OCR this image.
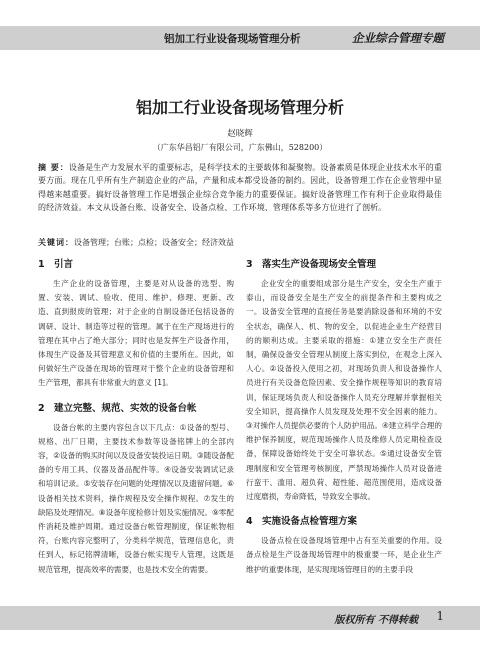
铝加工行业设备现场管理分析	企业综合管理专题
铝加工行业设备现场管理分析
赵晓辉
（广东华昌铝厂有限公司，广东佛山，528200）
摘 要：设备是生产力发展水平的重要标志，是科学技术的主要载体和凝聚物。设备素质是体现企业技术水平的重要方面。现在几乎所有生产制造企业的产品，产量和成本都受设备的制约。因此，设备管理工作在企业管理中显得越来越重要。搞好设备管理工作是增强企业综合竞争能力的重要保证。搞好设备管理工作有利于企业取得最佳的经济效益。本文从设备台账、设备安全、设备点检、工作环境、管理体系等多方位进行了剖析。
关键词：设备管理；台账；点检；设备安全；经济效益
1 引言

生产企业的设备管理，主要是对从设备的选型、购置、安装、调试、验收、使用、维护、修理、更新、改造、直到报废的管理；对于企业的自制设备还包括设备的调研、设计、制造等过程的管理。属于在生产现场进行的管理在其中占了绝大部分；同时也是发挥生产设备作用，体现生产设备及其管理意义和价值的主要所在。因此，如何做好生产设备在现场的管理对于整个企业的设备管理和生产管理，都具有非常重大的意义 [1]。

2 建立完整、规范、实效的设备台帐

设备台帐的主要内容包含以下几点：①设备的型号、规格、出厂日期，主要技术参数等设备铭牌上的全部内容，②设备的购买时间以及设备安装投运日期。③随设备配备的专用工具、仪器及备品配件等。④设备安装调试记录和培训记录。⑤安装存在问题的处理情况以及遗留问题。⑥设备相关技术资料，操作规程及安全操作规程。⑦发生的缺陷及处理情况。⑧设备年度检修计划及实施情况。⑨零配件消耗及维护周期。通过设备台帐管理制度，保证帐物相符，台账内容完整明了，分类科学规范，管理信息化，责任到人，标记铭牌清晰，设备台帐实现专人管理，这既是规范管理，提高效率的需要，也是技术安全的需要。

3 落实生产设备现场安全管理

企业安全的重要组成部分是生产安全，安全生产重于泰山，而设备安全是生产安全的前提条件和主要构成之一。设备安全管理的直接任务是要消除设备和环境的不安全状态，确保人、机、物的安全，以促进企业生产经营目的的顺利达成。主要采取的措施：①建立安全生产责任制，确保设备安全管理从制度上落实到位，在观念上深入人心。②设备投入使用之初，对现场负责人和设备操作人员进行有关设备危险因素、安全操作规程等知识的教育培训，保证现场负责人和设备操作人员充分理解并掌握相关安全知识，提高操作人员发现及处理不安全因素的能力。③对操作人员提供必要的个人防护用品。④建立科学合理的维护保养制度，规范现场操作人员及维修人员定期检查设备，保障设备始终处于安全可靠状态。⑤通过设备安全管理制度和安全管理考核制度，严禁现场操作人员对设备进行蛮干、滥用、超负荷、超性能、超范围使用，造成设备过度磨损，寿命降低，导致安全事故。

4 实施设备点检管理方案

设备点检在设备现场管理中占有至关重要的作用。设备点检是生产设备现场管理中的极重要一环，是企业生产维护的重要体现，是实现现场管理目的的主要手段

版权所有 不得转载 1
